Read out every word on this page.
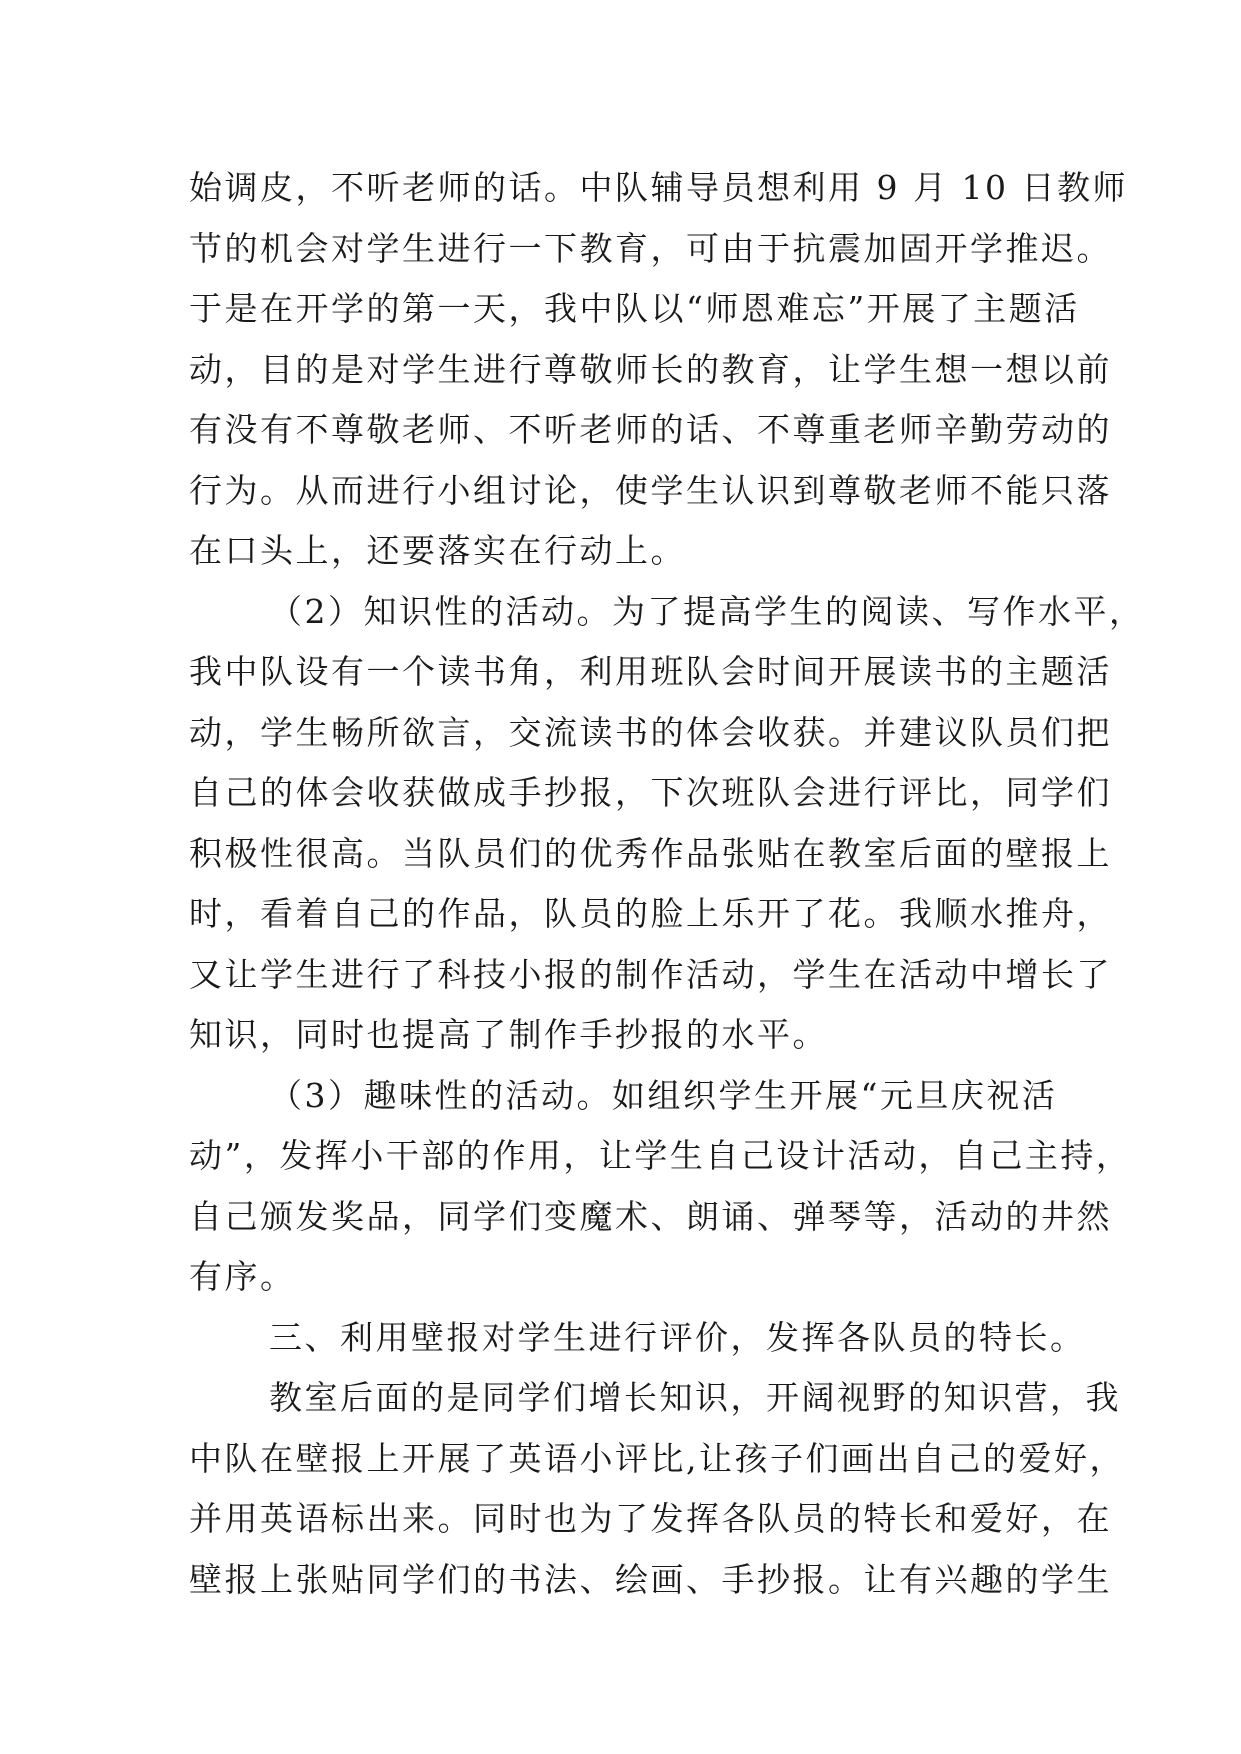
始调皮，不听老师的话。中队辅导员想利用 9 月 10 日教师
节的机会对学生进行一下教育，可由于抗震加固开学推迟。
于是在开学的第一天，我中队以“师恩难忘”开展了主题活
动，目的是对学生进行尊敬师长的教育，让学生想一想以前
有没有不尊敬老师、不听老师的话、不尊重老师辛勤劳动的
行为。从而进行小组讨论，使学生认识到尊敬老师不能只落
在口头上，还要落实在行动上。
（2）知识性的活动。为了提高学生的阅读、写作水平，
我中队设有一个读书角，利用班队会时间开展读书的主题活
动，学生畅所欲言，交流读书的体会收获。并建议队员们把
自己的体会收获做成手抄报，下次班队会进行评比，同学们
积极性很高。当队员们的优秀作品张贴在教室后面的壁报上
时，看着自己的作品，队员的脸上乐开了花。我顺水推舟，
又让学生进行了科技小报的制作活动，学生在活动中增长了
知识，同时也提高了制作手抄报的水平。
（3）趣味性的活动。如组织学生开展“元旦庆祝活
动”，发挥小干部的作用，让学生自己设计活动，自己主持，
自己颁发奖品，同学们变魔术、朗诵、弹琴等，活动的井然
有序。
三、利用壁报对学生进行评价，发挥各队员的特长。
教室后面的是同学们增长知识，开阔视野的知识营，我
中队在壁报上开展了英语小评比,让孩子们画出自己的爱好，
并用英语标出来。同时也为了发挥各队员的特长和爱好，在
壁报上张贴同学们的书法、绘画、手抄报。让有兴趣的学生
